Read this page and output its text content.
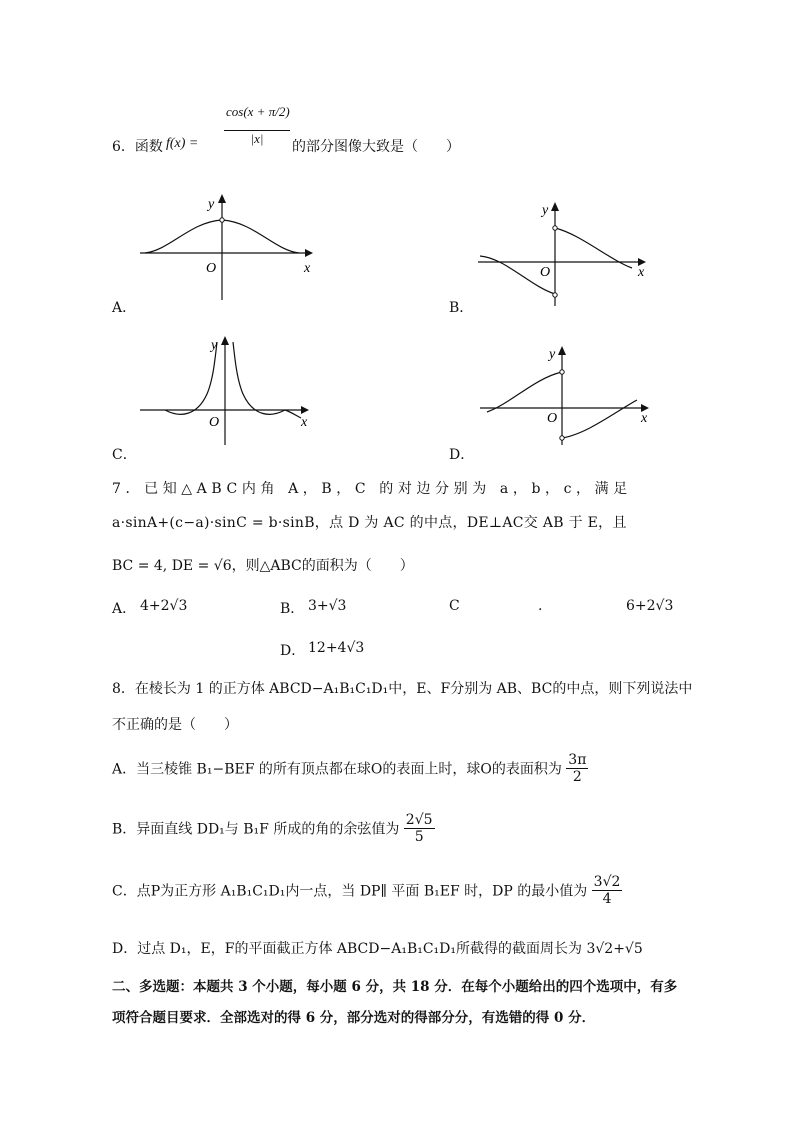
6．函数 $f(x) = \frac{\cos(x + \pi/2)}{|x|}$ 的部分图像大致是（　　）
y
O	x
A．
y
O	x
B．
y
O	x
C．
y
O	x
D．
7．已知△ABC内角 A，B，C 的对边分别为 a，b，c，满足
a·sinA+(c−a)·sinC = b·sinB，点 D 为 AC 的中点，DE⊥AC交 AB 于 E，且
BC = 4, DE = √6，则△ABC的面积为（　　）
A． 4+2√3	B． 3+√3	C	.	6+2√3
D． 12+4√3
8．在棱长为 1 的正方体 ABCD−A₁B₁C₁D₁中，E、F分别为 AB、BC的中点，则下列说法中
不正确的是（　　）
A．当三棱锥 B₁−BEF 的所有顶点都在球O的表面上时，球O的表面积为 $\frac{3\pi}{2}$
B．异面直线 DD₁与 B₁F 所成的角的余弦值为 $\frac{2√5}{5}$
C．点P为正方形 A₁B₁C₁D₁内一点，当 DP∥ 平面 B₁EF 时，DP 的最小值为 $\frac{3√2}{4}$
D．过点 D₁，E，F的平面截正方体 ABCD−A₁B₁C₁D₁所截得的截面周长为 3√2+√5
二、多选题：本题共 3 个小题，每小题 6 分，共 18 分．在每个小题给出的四个选项中，有多
项符合题目要求．全部选对的得 6 分，部分选对的得部分分，有选错的得 0 分．
